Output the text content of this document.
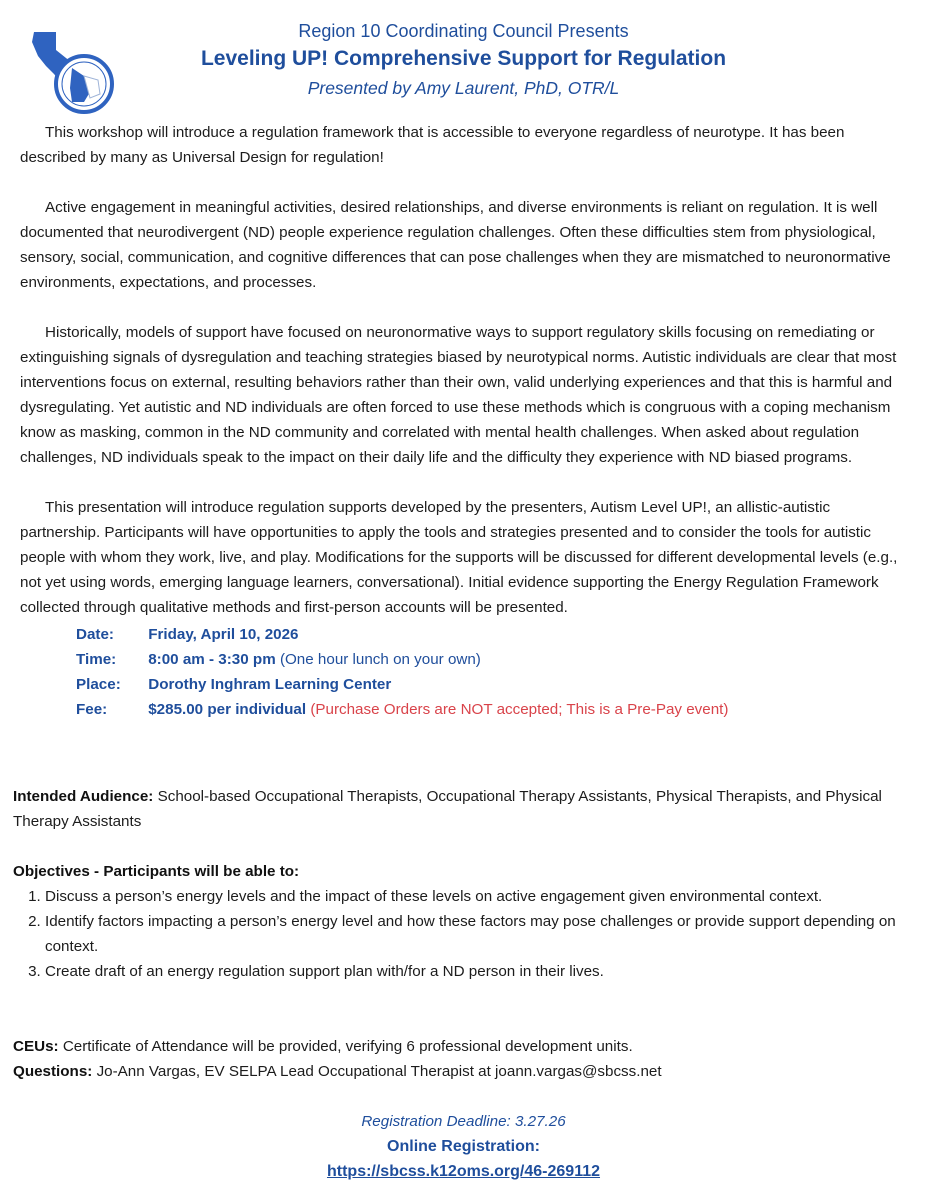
Region 10 Coordinating Council Presents
Leveling UP! Comprehensive Support for Regulation
Presented by Amy Laurent, PhD, OTR/L

This workshop will introduce a regulation framework that is accessible to everyone regardless of neurotype. It has been described by many as Universal Design for regulation!

Active engagement in meaningful activities, desired relationships, and diverse environments is reliant on regulation. It is well documented that neurodivergent (ND) people experience regulation challenges. Often these difficulties stem from physiological, sensory, social, communication, and cognitive differences that can pose challenges when they are mismatched to neuronormative environments, expectations, and processes.

Historically, models of support have focused on neuronormative ways to support regulatory skills focusing on remediating or extinguishing signals of dysregulation and teaching strategies biased by neurotypical norms. Autistic individuals are clear that most interventions focus on external, resulting behaviors rather than their own, valid underlying experiences and that this is harmful and dysregulating. Yet autistic and ND individuals are often forced to use these methods which is congruous with a coping mechanism know as masking, common in the ND community and correlated with mental health challenges. When asked about regulation challenges, ND individuals speak to the impact on their daily life and the difficulty they experience with ND biased programs.

This presentation will introduce regulation supports developed by the presenters, Autism Level UP!, an allistic-autistic partnership. Participants will have opportunities to apply the tools and strategies presented and to consider the tools for autistic people with whom they work, live, and play. Modifications for the supports will be discussed for different developmental levels (e.g., not yet using words, emerging language learners, conversational). Initial evidence supporting the Energy Regulation Framework collected through qualitative methods and first-person accounts will be presented.

Date: Friday, April 10, 2026
Time: 8:00 am - 3:30 pm (One hour lunch on your own)
Place: Dorothy Inghram Learning Center
Fee:	$285.00 per individual (Purchase Orders are NOT accepted; This is a Pre-Pay event)
Intended Audience: School-based Occupational Therapists, Occupational Therapy Assistants, Physical Therapists, and Physical Therapy Assistants
Objectives - Participants will be able to:
1. Discuss a person’s energy levels and the impact of these levels on active engagement given environmental context.
2. Identify factors impacting a person’s energy level and how these factors may pose challenges or provide support depending on context.
3. Create draft of an energy regulation support plan with/for a ND person in their lives.
CEUs: Certificate of Attendance will be provided, verifying 6 professional development units.
Questions: Jo-Ann Vargas, EV SELPA Lead Occupational Therapist at joann.vargas@sbcss.net
Registration Deadline: 3.27.26
Online Registration:
https://sbcss.k12oms.org/46-269112
